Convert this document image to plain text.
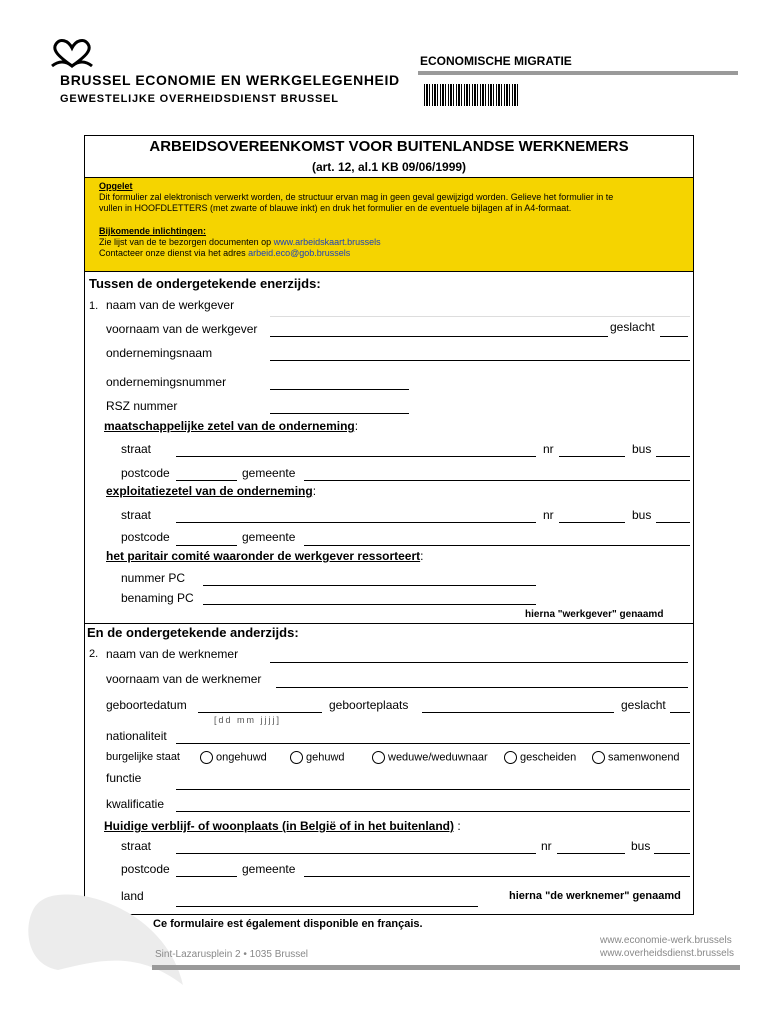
BRUSSEL ECONOMIE EN WERKGELEGENHEID
GEWESTELIJKE OVERHEIDSDIENST BRUSSEL
ECONOMISCHE MIGRATIE
ARBEIDSOVEREENKOMST VOOR BUITENLANDSE WERKNEMERS
(art. 12, al.1 KB 09/06/1999)
Opgelet
Dit formulier zal elektronisch verwerkt worden, de structuur ervan mag in geen geval gewijzigd worden. Gelieve het formulier in te
vullen in HOOFDLETTERS (met zwarte of blauwe inkt) en druk het formulier en de eventuele bijlagen af in A4-formaat.
Bijkomende inlichtingen:
Zie lijst van de te bezorgen documenten op www.arbeidskaart.brussels
Contacteer onze dienst via het adres arbeid.eco@gob.brussels
Tussen de ondergetekende enerzijds:
1. naam van de werkgever
voornaam van de werkgever	geslacht
ondernemingsnaam
ondernemingsnummer
RSZ nummer
maatschappelijke zetel van de onderneming:
straat	nr	bus
postcode	gemeente
exploitatiezetel van de onderneming:
straat	nr	bus
postcode	gemeente
het paritair comité waaronder de werkgever ressorteert:
nummer PC
benaming PC
hierna "werkgever" genaamd
En de ondergetekende anderzijds:
2. naam van de werknemer
voornaam van de werknemer
geboortedatum
[dd mm jjjj]
geboorteplaats	geslacht
nationaliteit
burgelijke staat	ongehuwd	gehuwd	weduwe/weduwnaar	gescheiden	samenwonend
functie
kwalificatie
Huidige verblijf- of woonplaats (in België of in het buitenland) :
straat	nr	bus
postcode	gemeente
land	hierna "de werknemer" genaamd
Ce formulaire est également disponible en français.
www.economie-werk.brussels
www.overheidsdienst.brussels
Sint-Lazarusplein 2 • 1035 Brussel
